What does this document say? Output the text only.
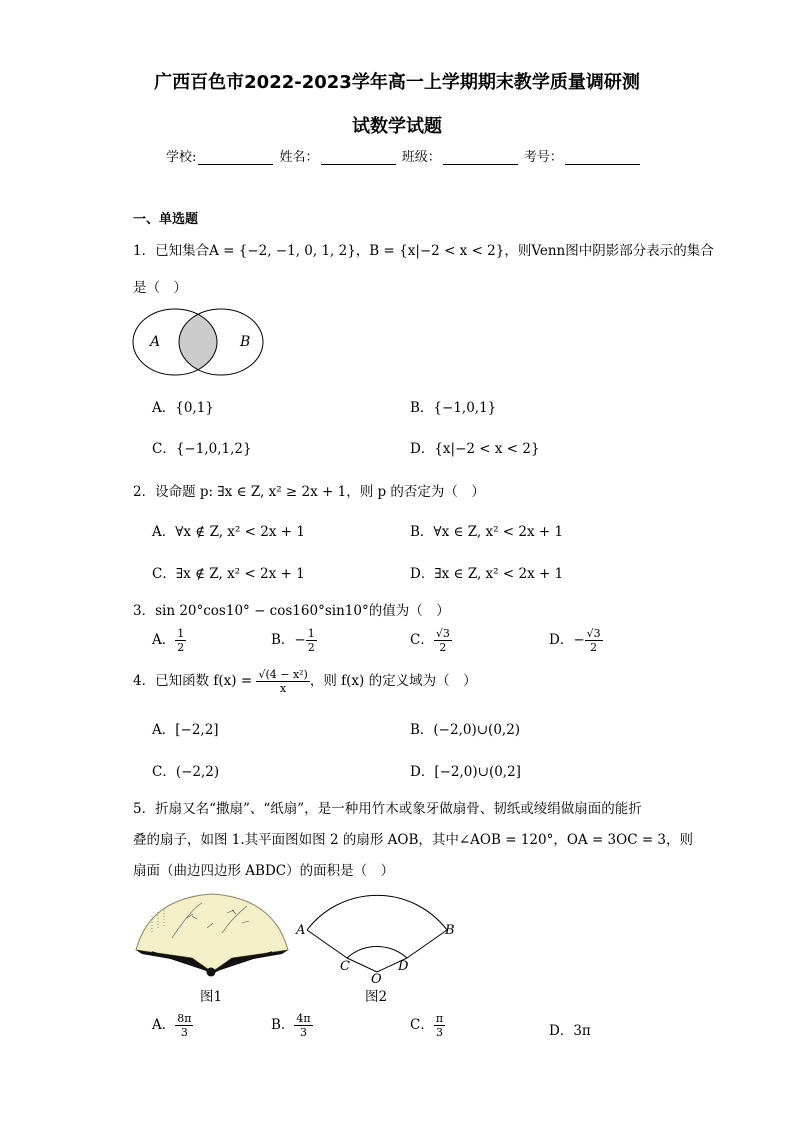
广西百色市2022-2023学年高一上学期期末教学质量调研测
试数学试题
学校:	姓名：	班级：	考号：
一、单选题
1．已知集合A = {−2, −1, 0, 1, 2}，B = {x|−2 < x < 2}，则Venn图中阴影部分表示的集合
是（　）
A	B
A．{0,1}	B．{−1,0,1}
C．{−1,0,1,2}	D．{x|−2 < x < 2}
2．设命题 p: ∃x ∈ Z, x² ≥ 2x + 1，则 p 的否定为（　）
A．∀x ∉ Z, x² < 2x + 1	B．∀x ∈ Z, x² < 2x + 1
C．∃x ∉ Z, x² < 2x + 1	D．∃x ∈ Z, x² < 2x + 1
3．sin 20°cos10° − cos160°sin10°的值为（　）
A． $\frac{1}{2}$	B．− $\frac{1}{2}$	C． $\frac{√3}{2}$	D．− $\frac{√3}{2}$
4．已知函数 $f(x) = \frac{\text{√(4 − x²)}}{x}$ ，则 f(x) 的定义域为（　）
A．[−2,2]	B．(−2,0)∪(0,2)
C．(−2,2)	D．[−2,0)∪(0,2]
5．折扇又名“撒扇”、“纸扇”，是一种用竹木或象牙做扇骨、韧纸或绫绢做扇面的能折
叠的扇子，如图 1.其平面图如图 2 的扇形 AOB，其中∠AOB = 120°，OA = 3OC = 3，则
扇面（曲边四边形 ABDC）的面积是（　）
图1
A	B
C	D
O
图2
A． $\frac{8\pi}{3}$	B． $\frac{4\pi}{3}$	C． $\frac{\pi}{3}$	D．3π
